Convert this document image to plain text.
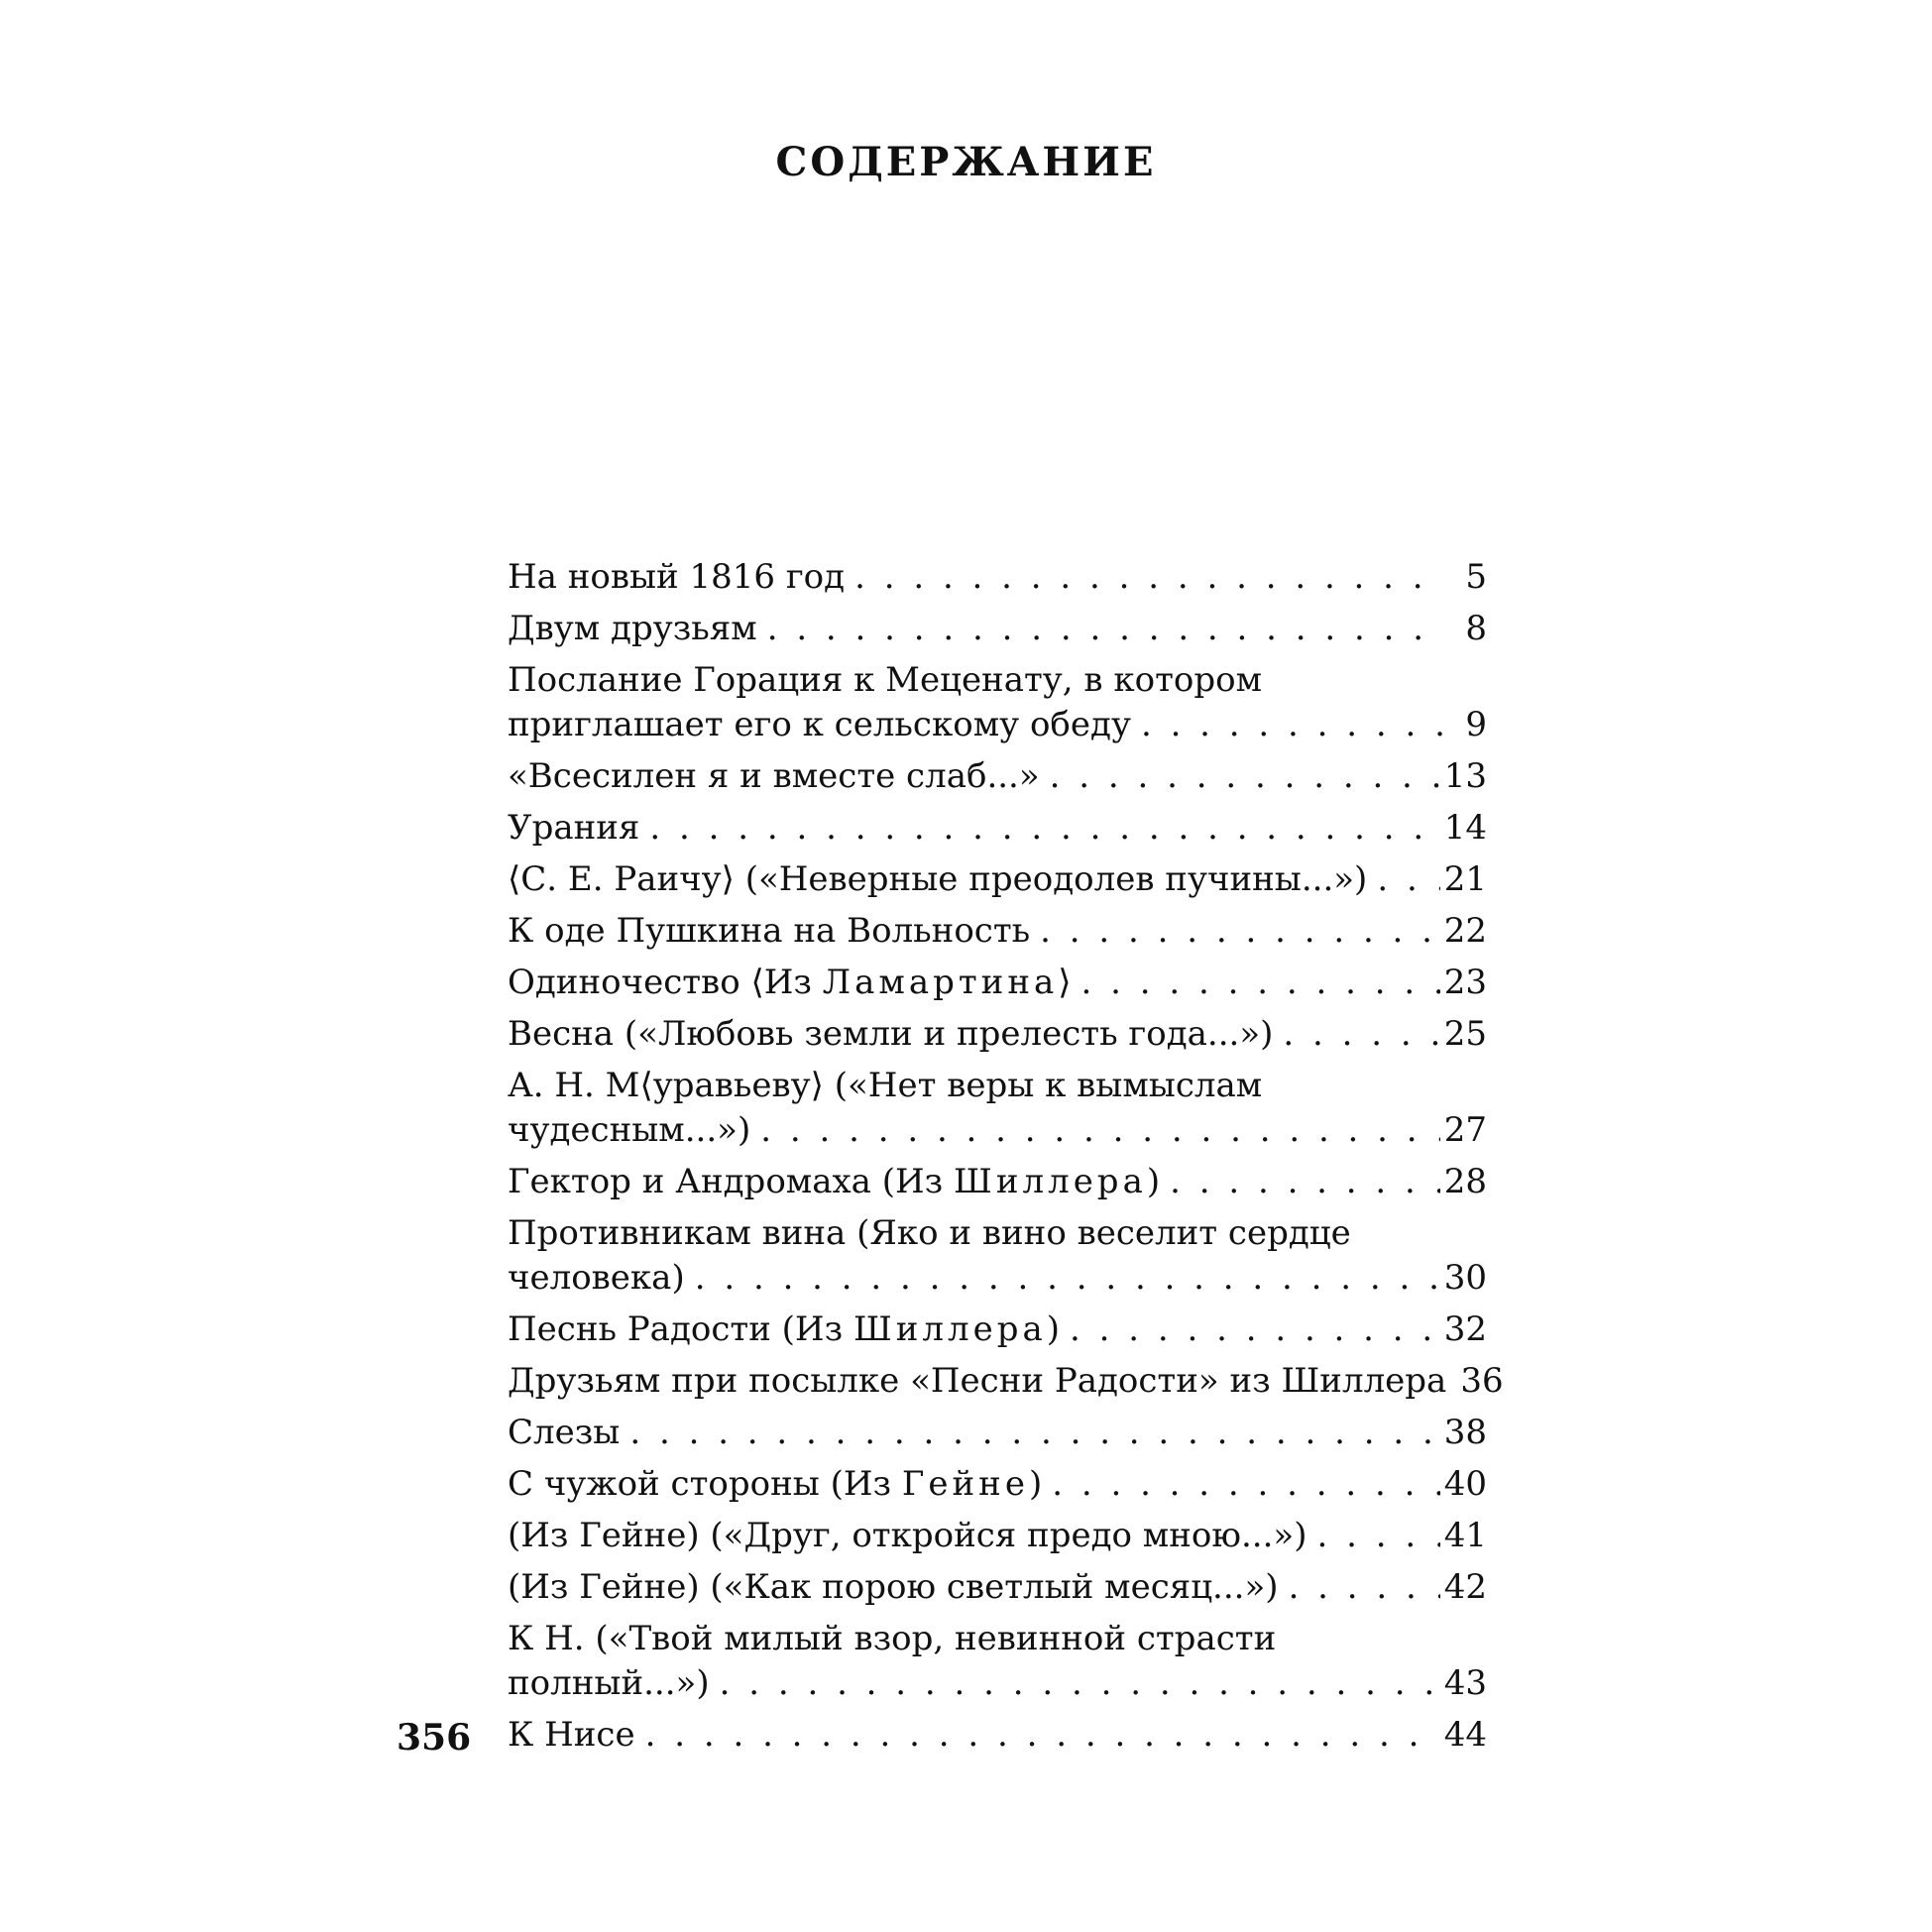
СОДЕРЖАНИЕ
На новый 1816 год . . .	5
Двум друзьям . . .	8
Послание Горация к Меценату, в котором
приглашает его к сельскому обеду . . .	9
«Всесилен я и вместе слаб...» . . .	13
Урания . . .	14
⟨С. Е. Раичу⟩ («Неверные преодолев пучины...») . . . 21
К оде Пушкина на Вольность . . .	22
Одиночество ⟨Из Ламартина⟩ . . .	23
Весна («Любовь земли и прелесть года...») . . .	25
А. Н. М⟨уравьеву⟩ («Нет веры к вымыслам
чудесным...») . . .	27
Гектор и Андромаха (Из Шиллера) . . .	28
Противникам вина (Яко и вино веселит сердце
человека) . . .	30
Песнь Радости (Из Шиллера) . . .	32
Друзьям при посылке «Песни Радости» из Шиллера . . . 36
Слезы . . .	38
С чужой стороны (Из Гейне) . . .	40
(Из Гейне) («Друг, откройся предо мною...») . . .	41
(Из Гейне) («Как порою светлый месяц...») . . .	42
К Н. («Твой милый взор, невинной страсти
полный...») . . .	43
К Нисе . . .	44
356
